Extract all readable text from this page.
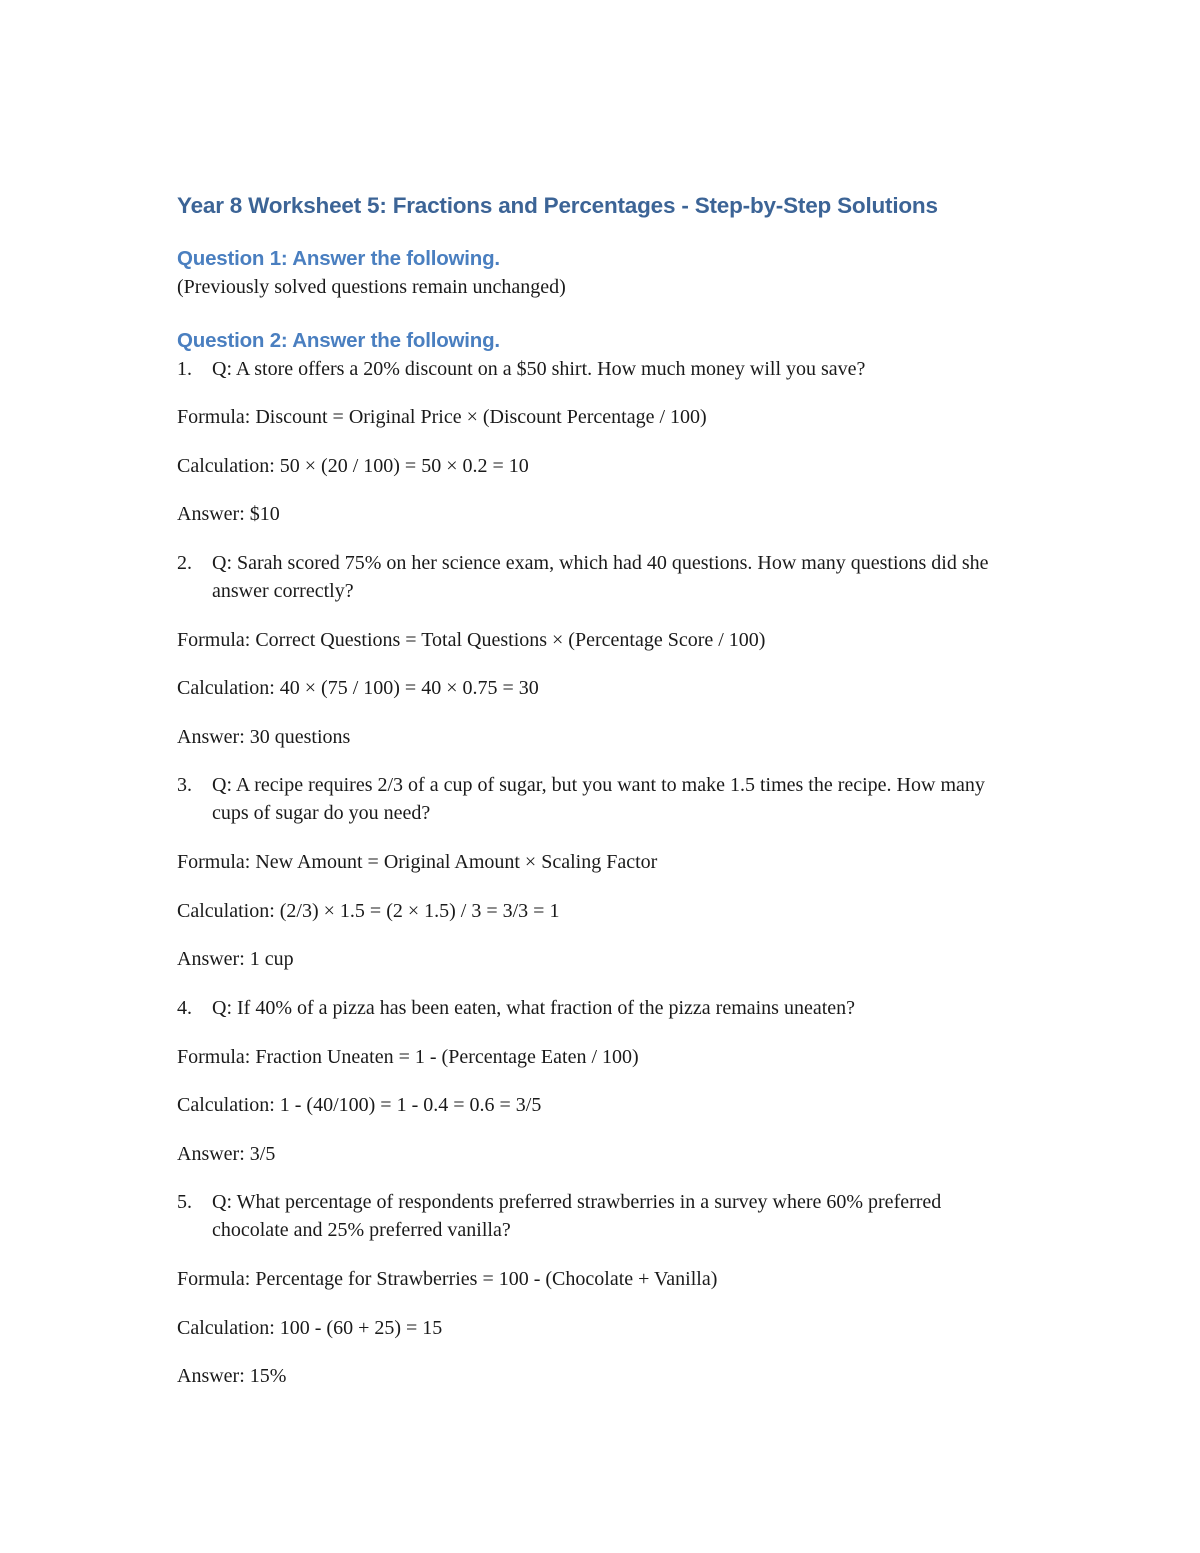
Year 8 Worksheet 5: Fractions and Percentages - Step-by-Step Solutions
Question 1: Answer the following.

(Previously solved questions remain unchanged)

Question 2: Answer the following.

1. Q: A store offers a 20% discount on a $50 shirt. How much money will you save?

Formula: Discount = Original Price × (Discount Percentage / 100)

Calculation: 50 × (20 / 100) = 50 × 0.2 = 10

Answer: $10

2. Q: Sarah scored 75% on her science exam, which had 40 questions. How many questions did she answer correctly?

Formula: Correct Questions = Total Questions × (Percentage Score / 100)

Calculation: 40 × (75 / 100) = 40 × 0.75 = 30

Answer: 30 questions

3. Q: A recipe requires 2/3 of a cup of sugar, but you want to make 1.5 times the recipe. How many cups of sugar do you need?

Formula: New Amount = Original Amount × Scaling Factor

Calculation: (2/3) × 1.5 = (2 × 1.5) / 3 = 3/3 = 1

Answer: 1 cup

4. Q: If 40% of a pizza has been eaten, what fraction of the pizza remains uneaten?

Formula: Fraction Uneaten = 1 - (Percentage Eaten / 100)

Calculation: 1 - (40/100) = 1 - 0.4 = 0.6 = 3/5

Answer: 3/5

5. Q: What percentage of respondents preferred strawberries in a survey where 60% preferred chocolate and 25% preferred vanilla?

Formula: Percentage for Strawberries = 100 - (Chocolate + Vanilla)

Calculation: 100 - (60 + 25) = 15

Answer: 15%
